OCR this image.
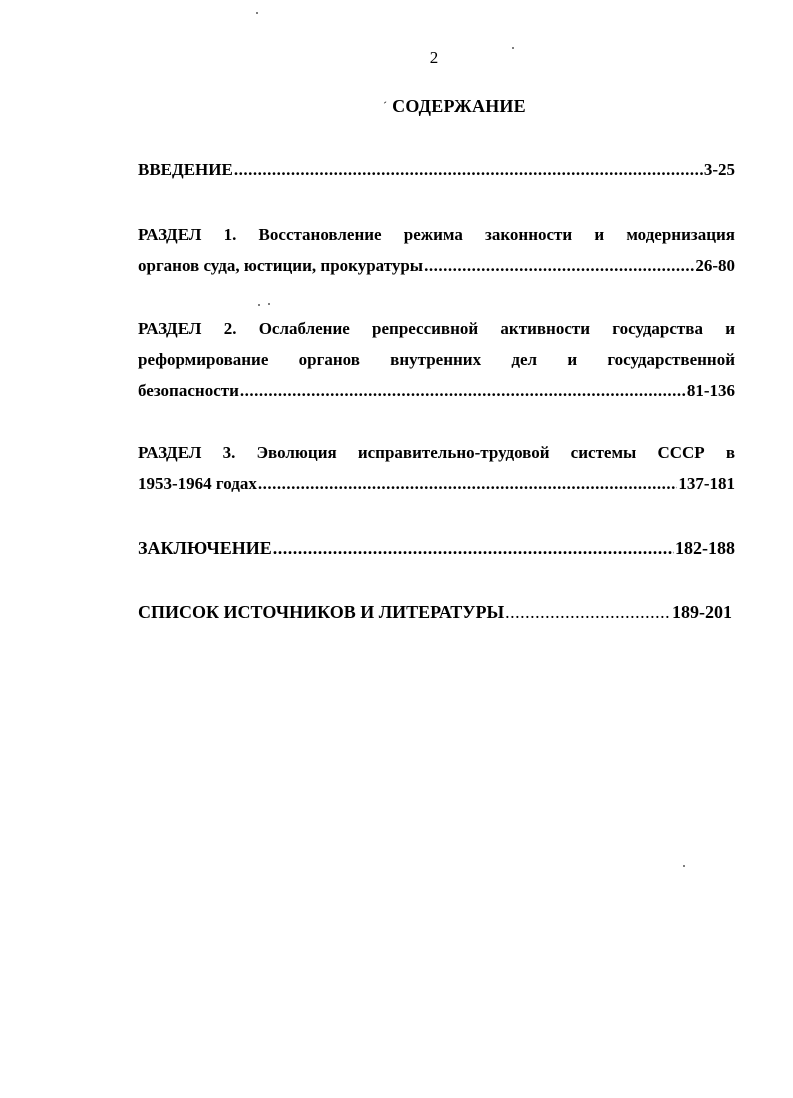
2
ˊ СОДЕРЖАНИЕ
ВВЕДЕНИЕ .....	3-25
РАЗДЕЛ 1. Восстановление режима законности и модернизация
органов суда, юстиции, прокуратуры .....	26-80
РАЗДЕЛ 2. Ослабление репрессивной активности государства и
реформирование органов внутренних дел и государственной
безопасности .....	81-136
РАЗДЕЛ 3. Эволюция исправительно-трудовой системы СССР в
1953-1964 годах .....	137-181
ЗАКЛЮЧЕНИЕ .....	182-188
СПИСОК ИСТОЧНИКОВ И ЛИТЕРАТУРЫ .....	189-201
